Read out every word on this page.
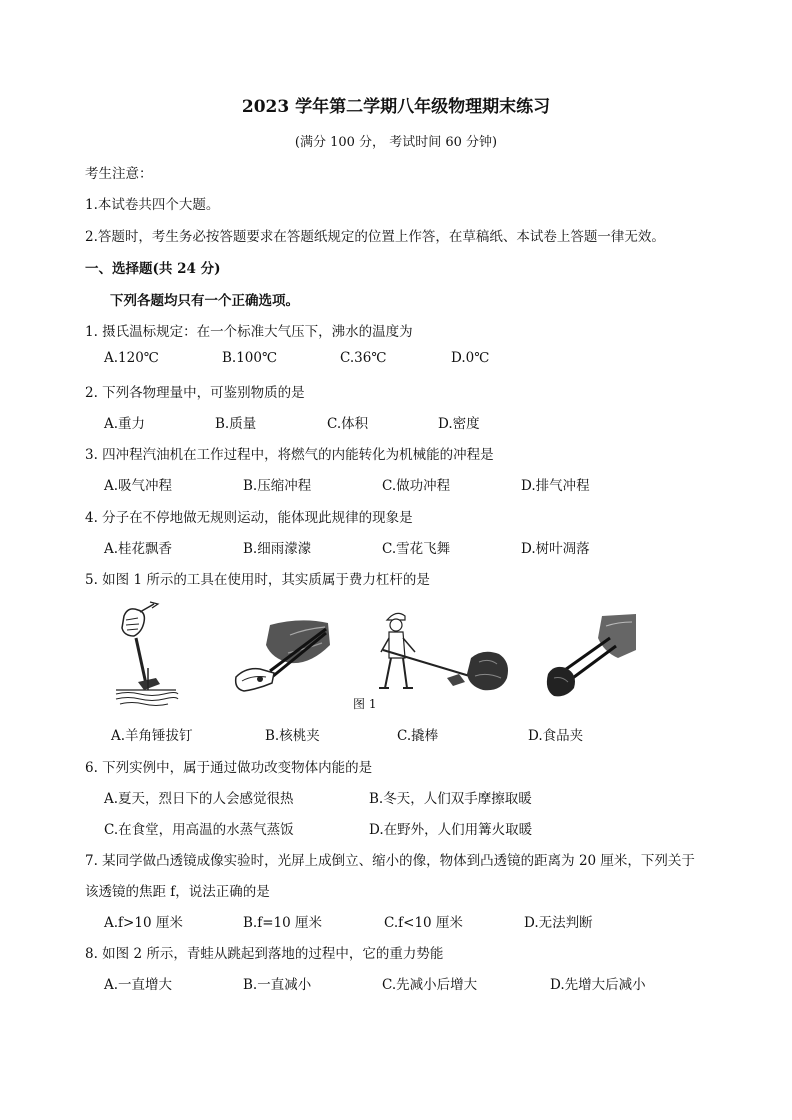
2023 学年第二学期八年级物理期末练习
(满分 100 分， 考试时间 60 分钟)
考生注意：
1.本试卷共四个大题。
2.答题时，考生务必按答题要求在答题纸规定的位置上作答，在草稿纸、本试卷上答题一律无效。
一、选择题(共 24 分)
下列各题均只有一个正确选项。
1. 摄氏温标规定：在一个标准大气压下，沸水的温度为
A.120℃	B.100℃	C.36℃	D.0℃
2. 下列各物理量中，可鉴别物质的是
A.重力	B.质量	C.体积	D.密度
3. 四冲程汽油机在工作过程中，将燃气的内能转化为机械能的冲程是
A.吸气冲程	B.压缩冲程	C.做功冲程	D.排气冲程
4. 分子在不停地做无规则运动，能体现此规律的现象是
A.桂花飘香	B.细雨濛濛	C.雪花飞舞	D.树叶凋落
5. 如图 1 所示的工具在使用时，其实质属于费力杠杆的是
图 1
A.羊角锤拔钉	B.核桃夹	C.撬棒	D.食品夹
6. 下列实例中，属于通过做功改变物体内能的是
A.夏天，烈日下的人会感觉很热	B.冬天，人们双手摩擦取暖
C.在食堂，用高温的水蒸气蒸饭	D.在野外，人们用篝火取暖
7. 某同学做凸透镜成像实验时，光屏上成倒立、缩小的像，物体到凸透镜的距离为 20 厘米，下列关于
该透镜的焦距 f，说法正确的是
A.f>10 厘米	B.f=10 厘米	C.f<10 厘米	D.无法判断
8. 如图 2 所示，青蛙从跳起到落地的过程中，它的重力势能
A.一直增大	B.一直减小	C.先减小后增大	D.先增大后减小
